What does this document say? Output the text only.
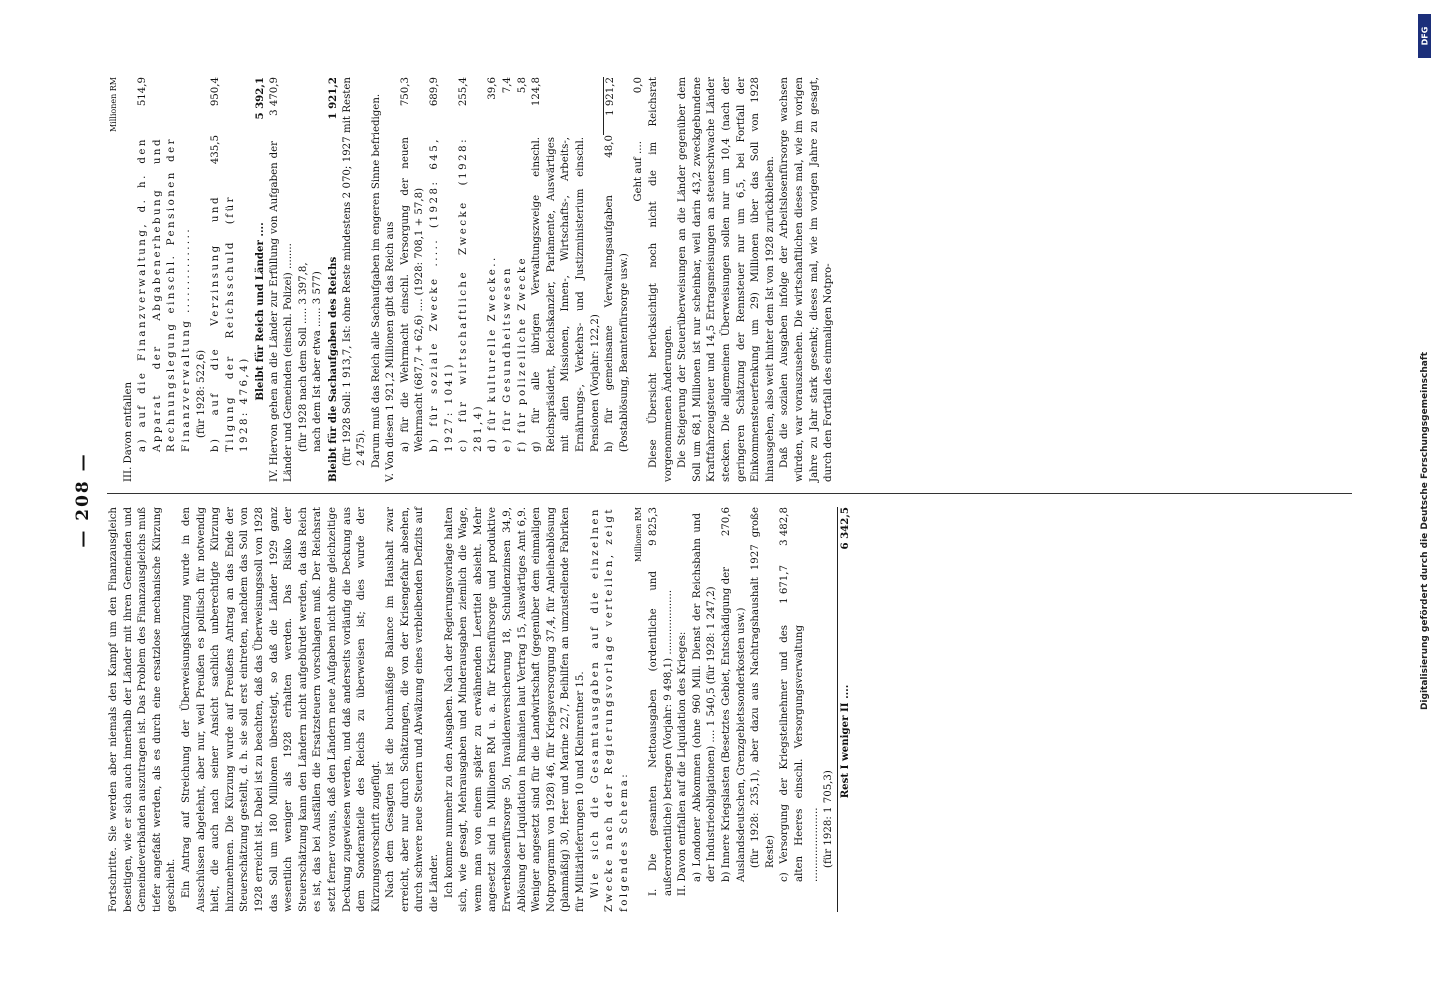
— 208 —

Fortschritte. Sie werden aber niemals den Kampf um den Finanzausgleich beseitigen, wie er sich auch innerhalb der Länder mit ihren Gemeinden und Gemeindeverbänden auszutragen ist. Das Problem des Finanzausgleichs muß tiefer angefaßt werden, als es durch eine ersatzlose mechanische Kürzung geschieht. Ein Antrag auf Streichung der Überweisungskürzung wurde in den Ausschüssen abgelehnt, aber nur, weil Preußen es politisch für notwendig hielt, die auch nach seiner Ansicht sachlich unberechtigte Kürzung hinzunehmen. Die Kürzung wurde auf Preußens Antrag an das Ende der Steuerschätzung gestellt, d. h. sie soll erst eintreten, nachdem das Soll von 1928 erreicht ist. Dabei ist zu beachten, daß das Überweisungssoll von 1928 das Soll um 180 Millionen übersteigt, so daß die Länder 1929 ganz wesentlich weniger als 1928 erhalten werden. Das Risiko der Steuerschätzung kann den Ländern nicht aufgebürdet werden, da das Reich es ist, das bei Ausfällen die Ersatzsteuern vorschlagen muß. Der Reichsrat setzt ferner voraus, daß den Ländern neue Aufgaben nicht ohne gleichzeitige Deckung zugewiesen werden, und daß anderseits vorläufig die Deckung aus dem Sonderanteile des Reichs zu überweisen ist; dies wurde der Kürzungsvorschrift zugefügt. Nach dem Gesagten ist die buchmäßige Balance im Haushalt zwar erreicht, aber nur durch Schätzungen, die von der Krisengefahr absehen, durch schwere neue Steuern und Abwälzung eines verbleibenden Defizits auf die Länder. Ich komme nunmehr zu den Ausgaben. Nach der Regierungsvorlage halten sich, wie gesagt, Mehrausgaben und Minderausgaben ziemlich die Wage, wenn man von einem später zu erwähnenden Leertitel absieht. Mehr angesetzt sind in Millionen RM u. a. für Krisenfürsorge und produktive Erwerbslosenfürsorge 50, Invalidenversicherung 18, Schuldenzinsen 34,9, Ablösung der Liquidation in Rumänien laut Vertrag 15, Auswärtiges Amt 6,9. Weniger angesetzt sind für die Landwirtschaft (gegenüber dem einmaligen Notprogramm von 1928) 46, für Kriegsversorgung 37,4, für Anleiheablösung (planmäßig) 30, Heer und Marine 22,7, Beihilfen an umzustellende Fabriken für Militärlieferungen 10 und Kleinrentner 15. Wie sich die Gesamtausgaben auf die einzelnen Zwecke nach der Regierungsvorlage verteilen, zeigt folgendes Schema:

Millionen RM
I. Die gesamten Nettoausgaben (ordentliche und außerordentliche) betragen (Vorjahr: 9 498,1) ....................
9 825,3
II. Davon entfallen auf die Liquidation des Krieges: a) Londoner Abkommen (ohne 960 Mill. Dienst der Reichsbahn und der Industrieobligationen) .... 1 540,5 (für 1928: 1 247,2) b) Innere Kriegslasten (Besetztes Gebiet, Entschädigung der Auslandsdeutschen, Grenzgebietssonderkosten usw.)
270,6	(für 1928: 235,1), aber dazu aus Nachtragshaushalt 1927 große Reste) c) Versorgung der Kriegsteilnehmer und des alten Heeres einschl. Versorgungsverwaltung .......................
1 671,7
3 482,8
(für 1928: 1 705,3)
Rest I weniger II ....
6 342,5
Millionen RM
III. Davon entfallen a) auf die Finanzverwaltung, d. h. den Apparat der Abgabenerhebung und Rechnungslegung einschl. Pensionen der Finanzverwaltung ...............
514,9
(für 1928: 522,6) b) auf die Verzinsung und Tilgung der Reichsschuld (für 1928: 476,4)
435,5
950,4
Bleibt für Reich und Länder ....
5 392,1
IV. Hiervon gehen an die Länder zur Erfüllung von Aufgaben der Länder und Gemeinden (einschl. Polizei) ........
3 470,9
(für 1928 nach dem Soll ..... 3 397,8, nach dem Ist aber etwa ...... 3 577) Bleibt für die Sachaufgaben des Reichs
1 921,2 (für 1928 Soll: 1 913,7, Ist: ohne Reste mindestens 2 070; 1927 mit Resten 2 475). Darum muß das Reich alle Sachaufgaben im engeren Sinne befriedigen. V. Von diesen 1 921,2 Millionen gibt das Reich aus a) für die Wehrmacht einschl. Versorgung der neuen Wehrmacht (687,7 + 62,6) .... (1928: 708,1 + 57,8)
750,3
b) für soziale Zwecke ..... (1928: 645, 1927: 1041)
689,9
c) für wirtschaftliche Zwecke (1928: 281,4)
255,4
d) für kulturelle Zwecke..
39,6
e) für Gesundheitswesen
7,4
f) für polizeiliche Zwecke
5,8
g) für alle übrigen Verwaltungszweige einschl. Reichspräsident, Reichskanzler, Parlamente, Auswärtiges mit allen Missionen, Innen-, Wirtschafts-, Arbeits-, Ernährungs-, Verkehrs- und Justizministerium einschl. Pensionen (Vorjahr: 122,2)
124,8
h) für gemeinsame Verwaltungsaufgaben (Postablösung, Beamtenfürsorge usw.)
48,0
1 921,2
Geht auf ....
0,0 Diese Übersicht berücksichtigt noch nicht die im Reichsrat vorgenommenen Änderungen. Die Steigerung der Steuerüberweisungen an die Länder gegenüber dem Soll um 68,1 Millionen ist nur scheinbar, weil darin 43,2 zweckgebundene Kraftfahrzeugsteuer und 14,5 Ertragsmeisungen an steuerschwache Länder stecken. Die allgemeinen Überweisungen sollen nur um 10,4 (nach der geringeren Schätzung der Rennsteuer nur um 6,5, bei Fortfall der Einkommensteuerfenkung um 29) Millionen über das Soll von 1928 hinausgehen, also weit hinter dem Ist von 1928 zurückbleiben. Daß die sozialen Ausgaben infolge der Arbeitslosenfürsorge wachsen würden, war vorauszusehen. Die wirtschaftlichen dieses mal, wie im vorigen Jahre zu Jahr stark gesenkt; dieses mal, wie im vorigen Jahre zu gesagt, durch den Fortfall des einmaligen Notpro-

DFG
Digitalisierung gefördert durch die Deutsche Forschungsgemeinschaft
